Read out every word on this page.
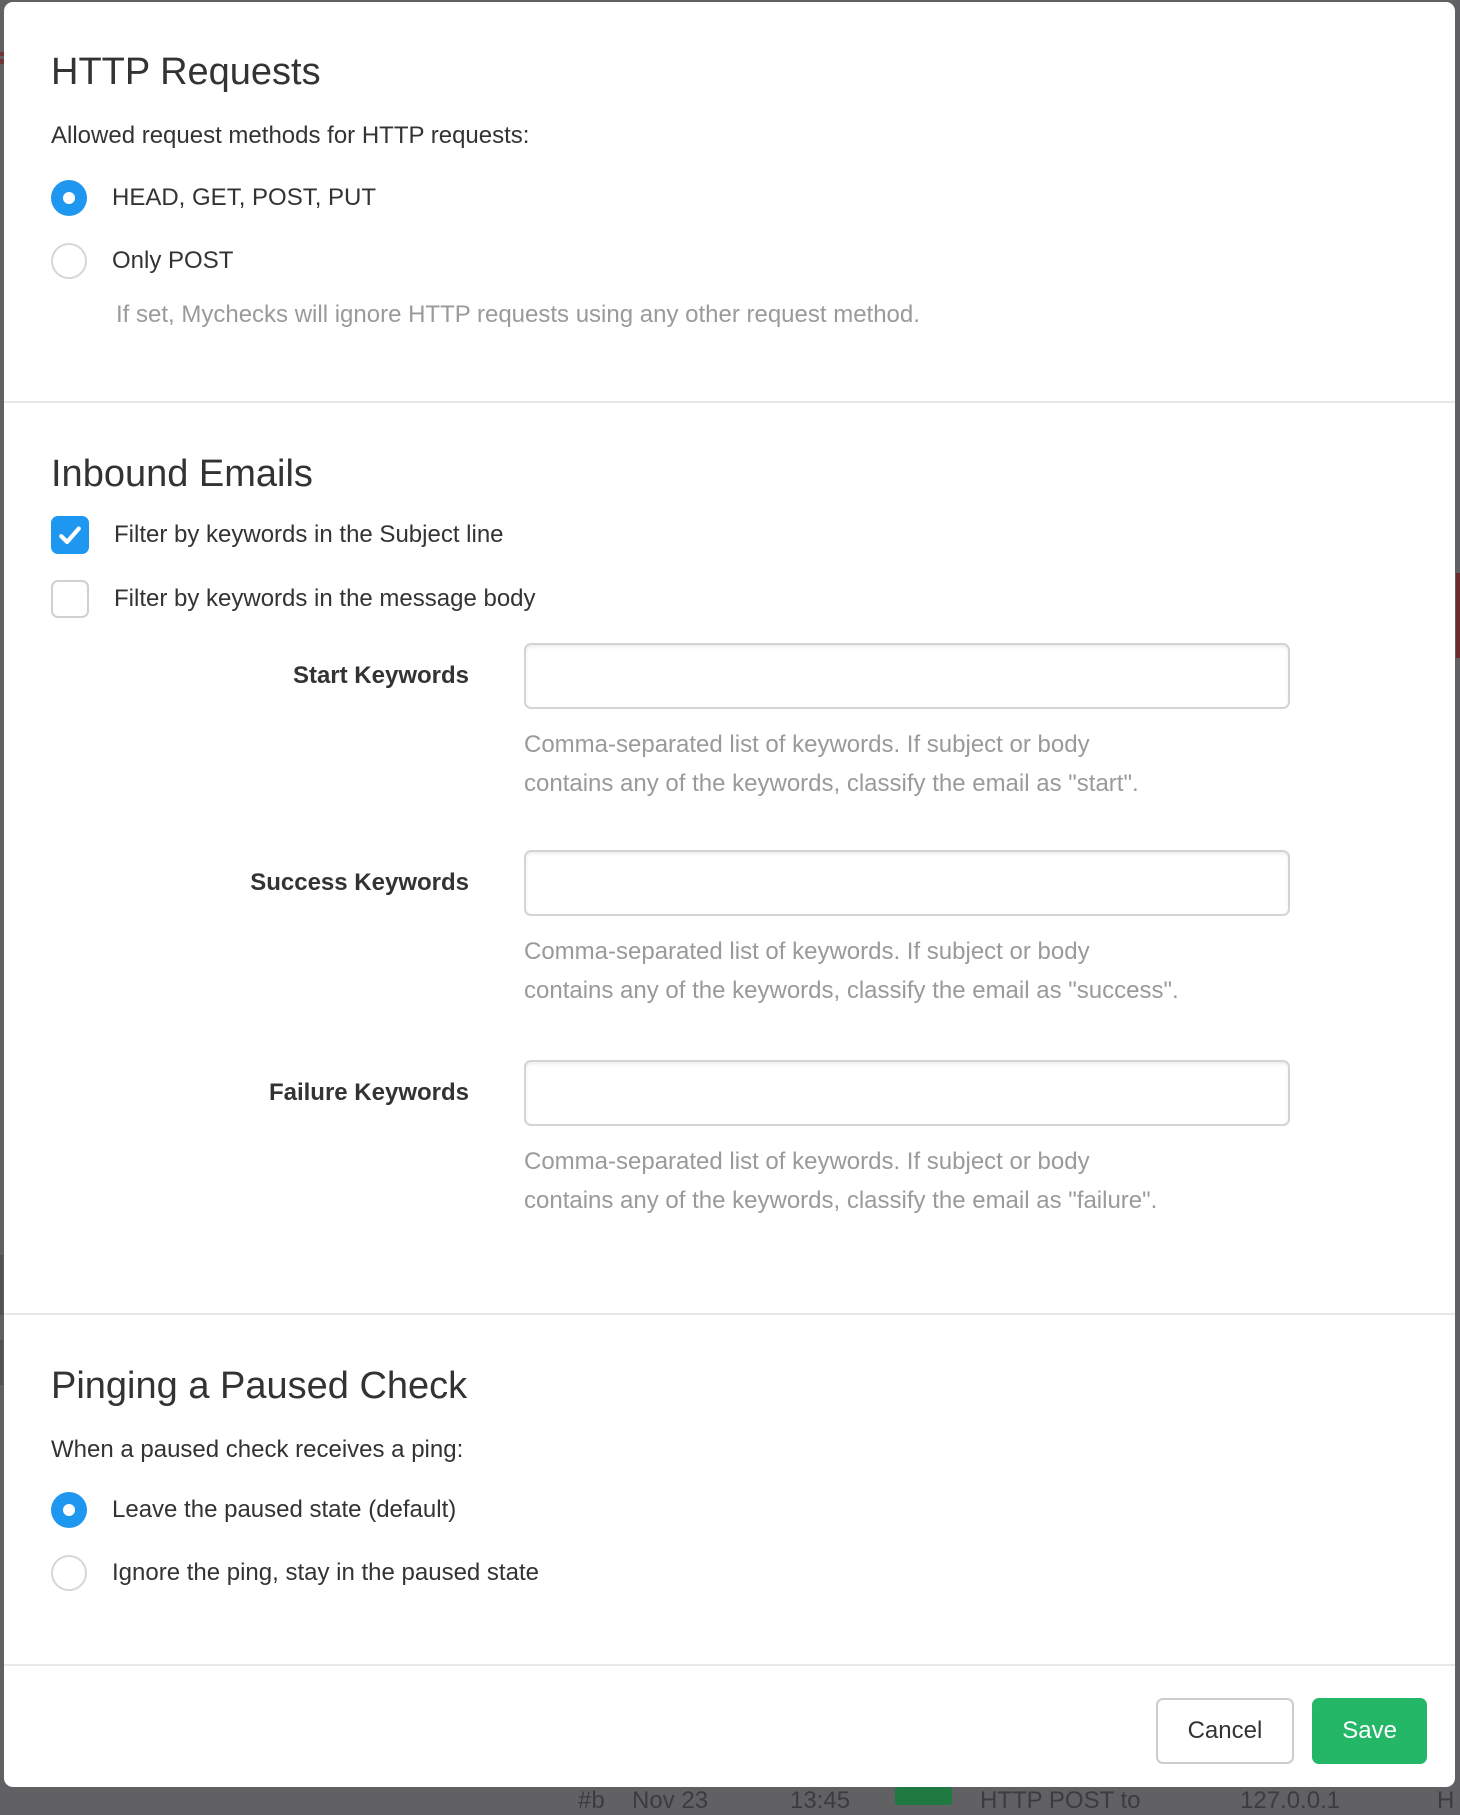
HTTP Requests
Allowed request methods for HTTP requests:
HEAD, GET, POST, PUT
Only POST
If set, Mychecks will ignore HTTP requests using any other request method.
Inbound Emails
Filter by keywords in the Subject line
Filter by keywords in the message body
Start Keywords
Comma-separated list of keywords. If subject or body
contains any of the keywords, classify the email as "start".
Success Keywords
Comma-separated list of keywords. If subject or body
contains any of the keywords, classify the email as "success".
Failure Keywords
Comma-separated list of keywords. If subject or body
contains any of the keywords, classify the email as "failure".
Pinging a Paused Check
When a paused check receives a ping:
Leave the paused state (default)
Ignore the ping, stay in the paused state
Cancel	Save
#b Nov 23	13:45	HTTP POST to	127.0.0.1	H
